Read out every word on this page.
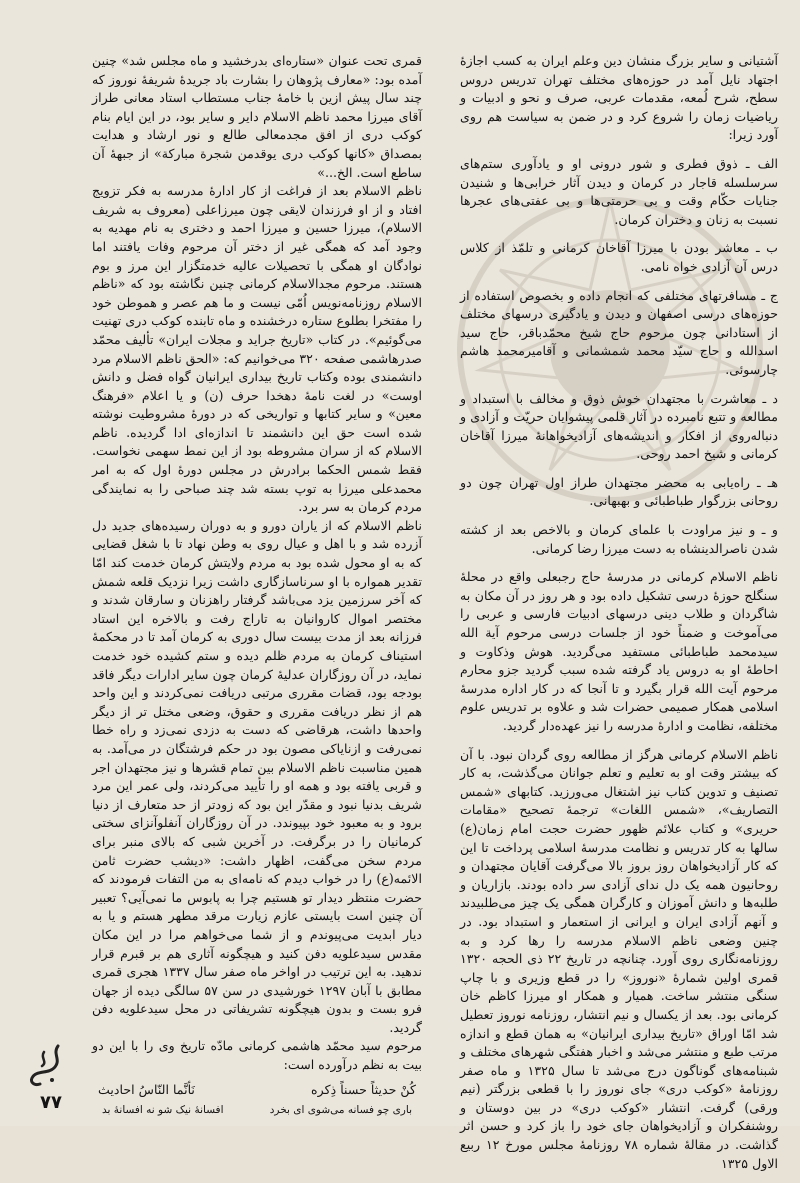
آشتیانی و سایر بزرگ منشان دین وعلم ایران به کسب اجازهٔ اجتهاد نایل آمد در حوزه‌های مختلف تهران تدریس دروس سطح، شرح لُمعه، مقدمات عربی، صرف و نحو و ادبیات و ریاضیات زمان را شروع کرد و در ضمن به سیاست هم روی آورد زیرا:

الف ـ ذوق فطری و شور درونی او و یادآوری ستم‌های سرسلسله قاجار در کرمان و دیدن آثار خرابی‌ها و شنیدن جنایات حکّام وقت و بی حرمتی‌ها و بی عفتی‌های عجرها نسبت به زنان و دختران کرمان.

ب ـ معاشر بودن با میرزا آقاخان کرمانی و تلمّذ از کلاس درس آن آزادی خواه نامی.

ج ـ مسافرتهای مختلفی که انجام داده و بخصوص استفاده از حوزه‌های درسی اصفهان و دیدن و یادگیری درسهای مختلف از استادانی چون مرحوم حاج شیخ محمّدباقر، حاج سید اسدالله و حاج سیّد محمد شمشمانی و آقامیرمحمد هاشم چارسوئی.

د ـ معاشرت با مجتهدان خوش ذوق و مخالف با استبداد و مطالعه و تتبع نامبرده در آثار قلمی پیشوایان حریّت و آزادی و دنباله‌روی از افکار و اندیشه‌های آزادیخواهانهٔ میرزا آقاخان کرمانی و شیخ احمد روحی.

هـ ـ راه‌یابی به محضر مجتهدان طراز اول تهران چون دو روحانی بزرگوار طباطبائی و بهبهانی.

و ـ و نیز مراودت با علمای کرمان و بالاخص بعد از کشته شدن ناصرالدینشاه به دست میرزا رضا کرمانی.

ناظم الاسلام کرمانی در مدرسهٔ حاج رجبعلی واقع در محلهٔ سنگلج حوزهٔ درسی تشکیل داده بود و هر روز در آن مکان به شاگردان و طلاب دینی درسهای ادبیات فارسی و عربی را می‌آموخت و ضمناً خود از جلسات درسی مرحوم آیة الله سیدمحمد طباطبائی مستفید می‌گردید. هوش وذکاوت و احاطهٔ او به دروس یاد گرفته شده سبب گردید جزو محارم مرحوم آیت الله قرار بگیرد و تا آنجا که در کار اداره مدرسهٔ اسلامی همکار صمیمی حضرات شد و علاوه بر تدریس علوم مختلفه، نظامت و ادارهٔ مدرسه را نیز عهده‌دار گردید.

ناظم الاسلام کرمانی هرگز از مطالعه روی گردان نبود. با آن که بیشتر وقت او به تعلیم و تعلم جوانان می‌گذشت، به کار تصنیف و تدوین کتاب نیز اشتغال می‌ورزید. کتابهای «شمس التصاریف»، «شمس اللغات» ترجمهٔ تصحیح «مقامات حریری» و کتاب علائم ظهور حضرت حجت امام زمان(ع) سالها به کار تدریس و نظامت مدرسهٔ اسلامی پرداخت تا این که کار آزادیخواهان روز بروز بالا می‌گرفت آقایان مجتهدان و روحانیون همه یک دل ندای آزادی سر داده بودند. بازاریان و طلبه‌ها و دانش آموزان و کارگران همگی یک چیز می‌طلبیدند و آنهم آزادی ایران و ایرانی از استعمار و استبداد بود. در چنین وضعی ناظم الاسلام مدرسه را رها کرد و به روزنامه‌نگاری روی آورد. چنانچه در تاریخ ۲۲ ذی الحجه ۱۳۲۰ قمری اولین شمارهٔ «نوروز» را در قطع وزیری و با چاپ سنگی منتشر ساخت. همیار و همکار او میرزا کاظم خان کرمانی بود. بعد از یکسال و نیم انتشار، روزنامه نوروز تعطیل شد امّا اوراق «تاریخ بیداری ایرانیان» به همان قطع و اندازه مرتب طبع و منتشر می‌شد و اخبار هفتگی شهرهای مختلف و شبنامه‌های گوناگون درج می‌شد تا سال ۱۳۲۵ و ماه صفر روزنامهٔ «کوکب دری» جای نوروز را با قطعی بزرگتر (نیم ورقی) گرفت. انتشار «کوکب دری» در بین دوستان و روشنفکران و آزادیخواهان جای خود را باز کرد و حسن اثر گذاشت. در مقالهٔ شماره ۷۸ روزنامهٔ مجلس مورخ ۱۲ ربیع الاول ۱۳۲۵

قمری تحت عنوان «ستاره‌ای بدرخشید و ماه مجلس شد» چنین آمده بود: «معارف پژوهان را بشارت باد جریدهٔ شریفهٔ نوروز که چند سال پیش ازین با خامهٔ جناب مستطاب استاد معانی طراز آقای میرزا محمد ناظم الاسلام دایر و سایر بود، در این ایام بنام کوکب دری از افق مجدمعالی طالع و نور ارشاد و هدایت بمصداق «کانها کوکب دری یوقدمن شجرة مبارکة» از جبههٔ آن ساطع است. الخ...»

ناظم الاسلام بعد از فراغت از کار ادارهٔ مدرسه به فکر تزویج افتاد و از او فرزندان لایقی چون میرزاعلی (معروف به شریف الاسلام)، میرزا حسین و میرزا احمد و دختری به نام مهدیه به وجود آمد که همگی غیر از دختر آن مرحوم وفات یافتند اما نوادگان او همگی با تحصیلات عالیه خدمتگزار این مرز و بوم هستند. مرحوم مجدالاسلام کرمانی چنین نگاشته بود که «ناظم الاسلام روزنامه‌نویس اُمّی نیست و ما هم عصر و هموطن خود را مفتخرا بطلوع ستاره درخشنده و ماه تابنده کوکب دری تهنیت می‌گوئیم». در کتاب «تاریخ جراید و مجلات ایران» تألیف محمّد صدرهاشمی صفحه ۳۲۰ می‌خوانیم که: «الحق ناظم الاسلام مرد دانشمندی بوده وکتاب تاریخ بیداری ایرانیان گواه فضل و دانش اوست» در لغت نامهٔ دهخدا حرف (ن) و یا اعلام «فرهنگ معین» و سایر کتابها و تواریخی که در دورهٔ مشروطیت نوشته شده است حق این دانشمند تا اندازه‌ای ادا گردیده. ناظم الاسلام که از سران مشروطه بود از این نمط سهمی نخواست. فقط شمس الحکما برادرش در مجلس دورهٔ اول که به امر محمدعلی میرزا به توپ بسته شد چند صباحی را به نمایندگی مردم کرمان به سر برد.

ناظم الاسلام که از یاران دورو و به دوران رسیده‌های جدید دل آزرده شد و با اهل و عیال روی به وطن نهاد تا با شغل قضایی که به او محول شده بود به مردم ولایتش کرمان خدمت کند امّا تقدیر همواره با او سرناسازگاری داشت زیرا نزدیک قلعه شمش که آخر سرزمین یزد می‌باشد گرفتار راهزنان و سارقان شدند و مختصر اموال کاروانیان به تاراج رفت و بالاخره این استاد فرزانه بعد از مدت بیست سال دوری به کرمان آمد تا در محکمهٔ استیناف کرمان به مردم ظلم دیده و ستم کشیده خود خدمت نماید، در آن روزگاران عدلیهٔ کرمان چون سایر ادارات دیگر فاقد بودجه بود، قضات مقرری مرتبی دریافت نمی‌کردند و این واحد هم از نظر دریافت مقرری و حقوق، وضعی مختل تر از دیگر واحدها داشت، هرقاضی که دست به دزدی نمی‌زد و راه خطا نمی‌رفت و ازنایاکی مصون بود در حکم فرشتگان در می‌آمد. به همین مناسبت ناظم الاسلام بین تمام قشرها و نیز مجتهدان اجر و قربی یافته بود و همه او را تأیید می‌کردند، ولی عمر این مرد شریف بدنیا نبود و مقدّر این بود که زودتر از حد متعارف از دنیا برود و به معبود خود بپیوندد. در آن روزگاران آنفلوآنزای سختی کرمانیان را در برگرفت. در آخرین شبی که بالای منبر برای مردم سخن می‌گفت، اظهار داشت: «دیشب حضرت ثامن الائمه(ع) را در خواب دیدم که نامه‌ای به من التفات فرمودند که حضرت منتظر دیدار تو هستیم چرا به پابوس ما نمی‌آیی؟ تعبیر آن چنین است بایستی عازم زیارت مرقد مطهر هستم و یا به دیار ابدیت می‌پیوندم و از شما می‌خواهم مرا در این مکان مقدس سیدعلویه دفن کنید و هیچگونه آثاری هم بر قبرم قرار ندهید. به این ترتیب در اواخر ماه صفر سال ۱۳۳۷ هجری قمری مطابق با آبان ۱۲۹۷ خورشیدی در سن ۵۷ سالگی دیده از جهان فرو بست و بدون هیچگونه تشریفاتی در محل سیدعلویه دفن گردید.

مرحوم سید محمّد هاشمی کرمانی مادّه تاریخ وی را با این دو بیت به نظم درآورده است:

کُنْ حدیثاً حسناً ذِکره
نَأنَّما النّاسُ احادیث
باری چو فسانه می‌شوی ای بخرد
افسانهٔ نیک شو نه افسانهٔ بد
۷۷
